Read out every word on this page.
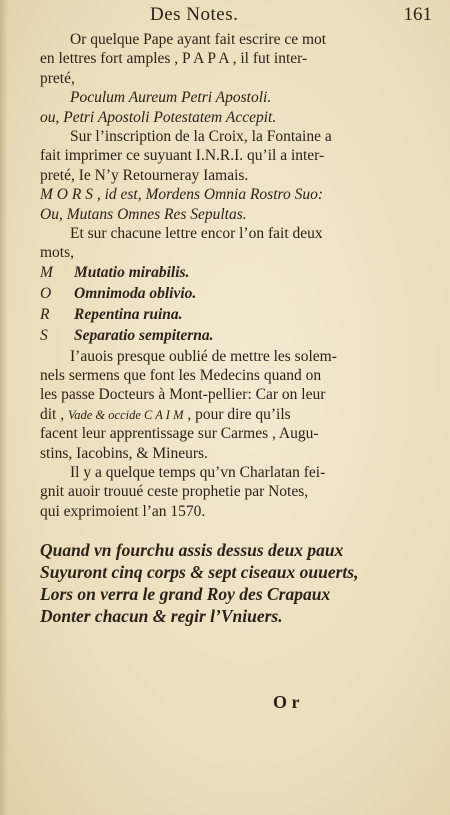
Des Notes.	161
Or quelque Pape ayant fait escrire ce mot
en lettres fort amples , P A P A , il fut inter-
preté,
Poculum Aureum Petri Apostoli.
ou, Petri Apostoli Potestatem Accepit.
Sur l’inscription de la Croix, la Fontaine a
fait imprimer ce suyuant I.N.R.I. qu’il a inter-
preté, Ie N’y Retourneray Iamais.
M O R S , id est, Mordens Omnia Rostro Suo:
Ou, Mutans Omnes Res Sepultas.
Et sur chacune lettre encor l’on fait deux
mots,
M Mutatio mirabilis.
O Omnimoda oblivio.
R Repentina ruina.
S Separatio sempiterna.
I’auois presque oublié de mettre les solem-
nels sermens que font les Medecins quand on
les passe Docteurs à Mont-pellier: Car on leur
dit , Vade & occide C A I M , pour dire qu’ils
facent leur apprentissage sur Carmes , Augu-
stins, Iacobins, & Mineurs.
Il y a quelque temps qu’vn Charlatan fei-
gnit auoir trouué ceste prophetie par Notes,
qui exprimoient l’an 1570.
Quand vn fourchu assis dessus deux paux
Suyuront cinq corps & sept ciseaux ouuerts,
Lors on verra le grand Roy des Crapaux
Donter chacun & regir l’Vniuers.
O r
